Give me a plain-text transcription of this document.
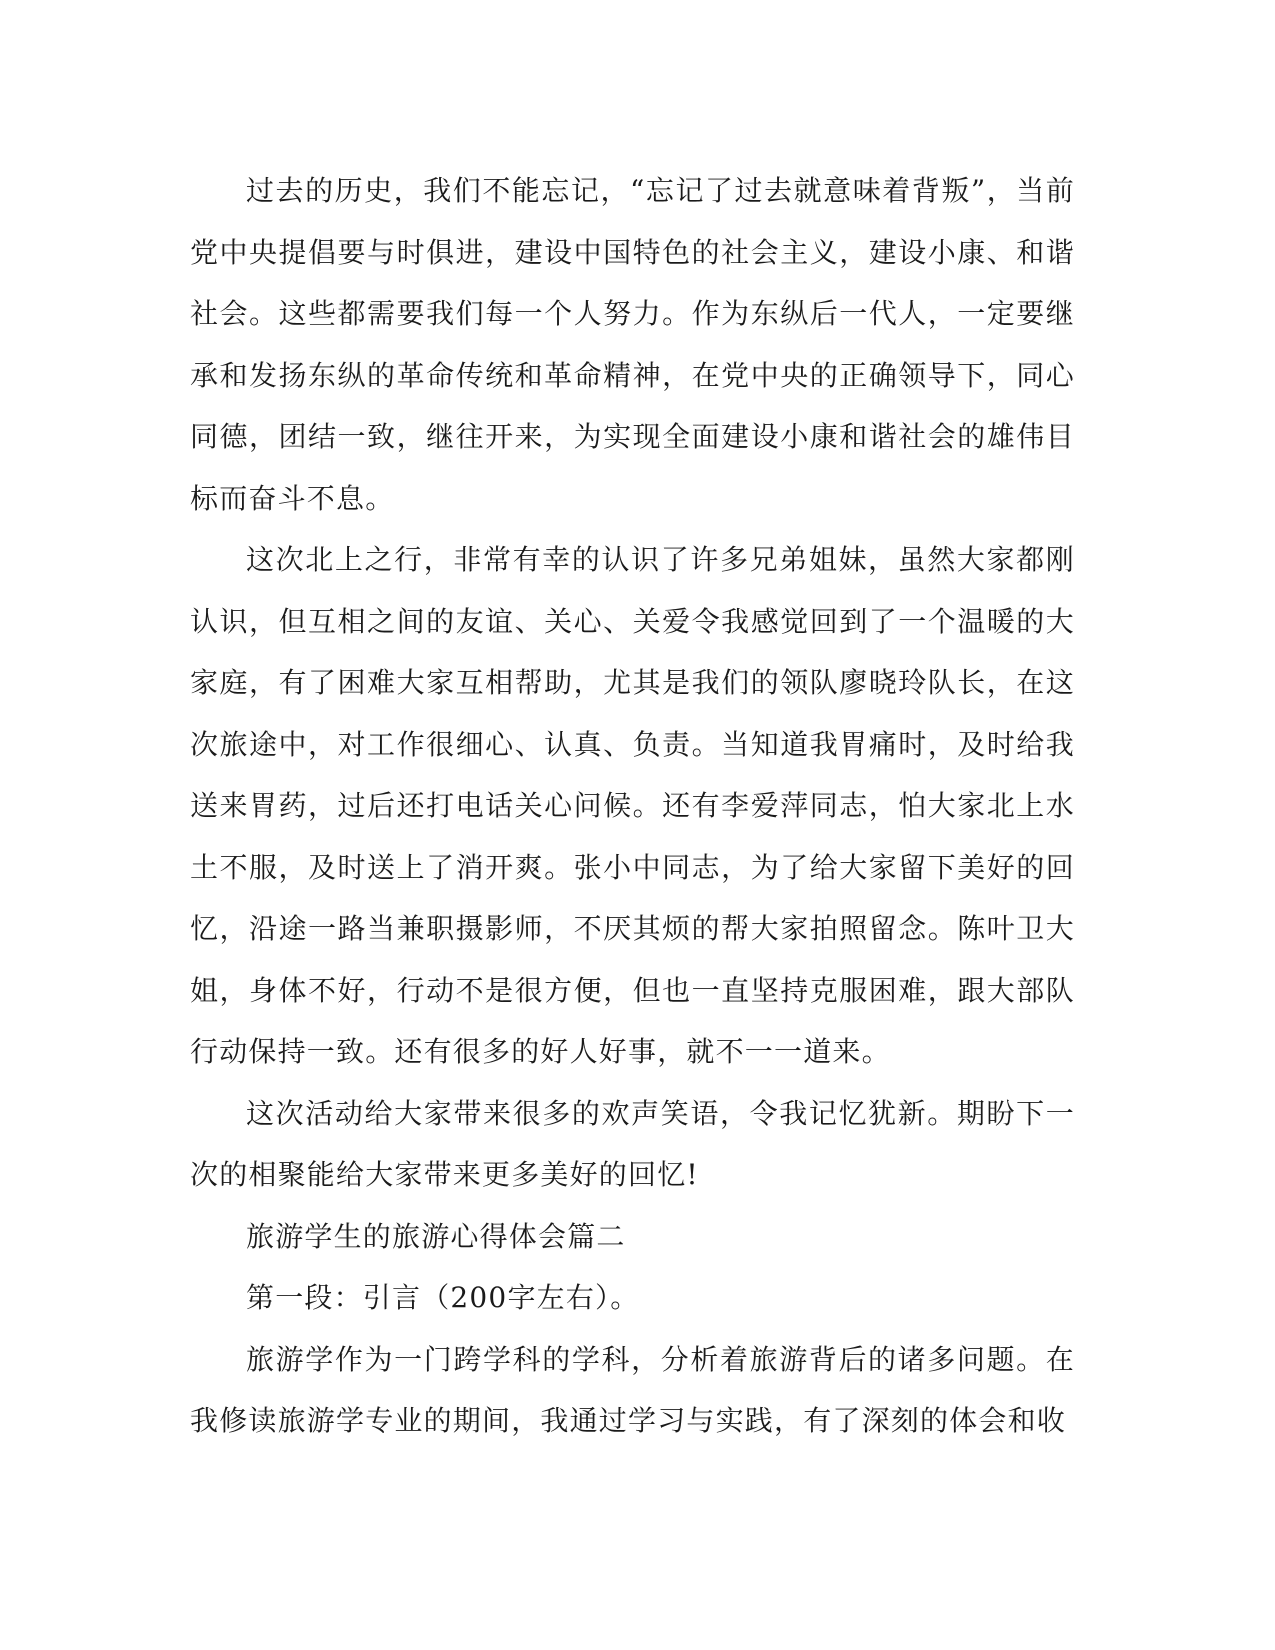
过去的历史，我们不能忘记，“忘记了过去就意味着背叛”，当前党中央提倡要与时俱进，建设中国特色的社会主义，建设小康、和谐社会。这些都需要我们每一个人努力。作为东纵后一代人，一定要继承和发扬东纵的革命传统和革命精神，在党中央的正确领导下，同心同德，团结一致，继往开来，为实现全面建设小康和谐社会的雄伟目标而奋斗不息。

这次北上之行，非常有幸的认识了许多兄弟姐妹，虽然大家都刚认识，但互相之间的友谊、关心、关爱令我感觉回到了一个温暖的大家庭，有了困难大家互相帮助，尤其是我们的领队廖晓玲队长，在这次旅途中，对工作很细心、认真、负责。当知道我胃痛时，及时给我送来胃药，过后还打电话关心问候。还有李爱萍同志，怕大家北上水土不服，及时送上了消开爽。张小中同志，为了给大家留下美好的回忆，沿途一路当兼职摄影师，不厌其烦的帮大家拍照留念。陈叶卫大姐，身体不好，行动不是很方便，但也一直坚持克服困难，跟大部队行动保持一致。还有很多的好人好事，就不一一道来。

这次活动给大家带来很多的欢声笑语，令我记忆犹新。期盼下一次的相聚能给大家带来更多美好的回忆!

旅游学生的旅游心得体会篇二

第一段：引言（200字左右）。

旅游学作为一门跨学科的学科，分析着旅游背后的诸多问题。在我修读旅游学专业的期间，我通过学习与实践，有了深刻的体会和收
